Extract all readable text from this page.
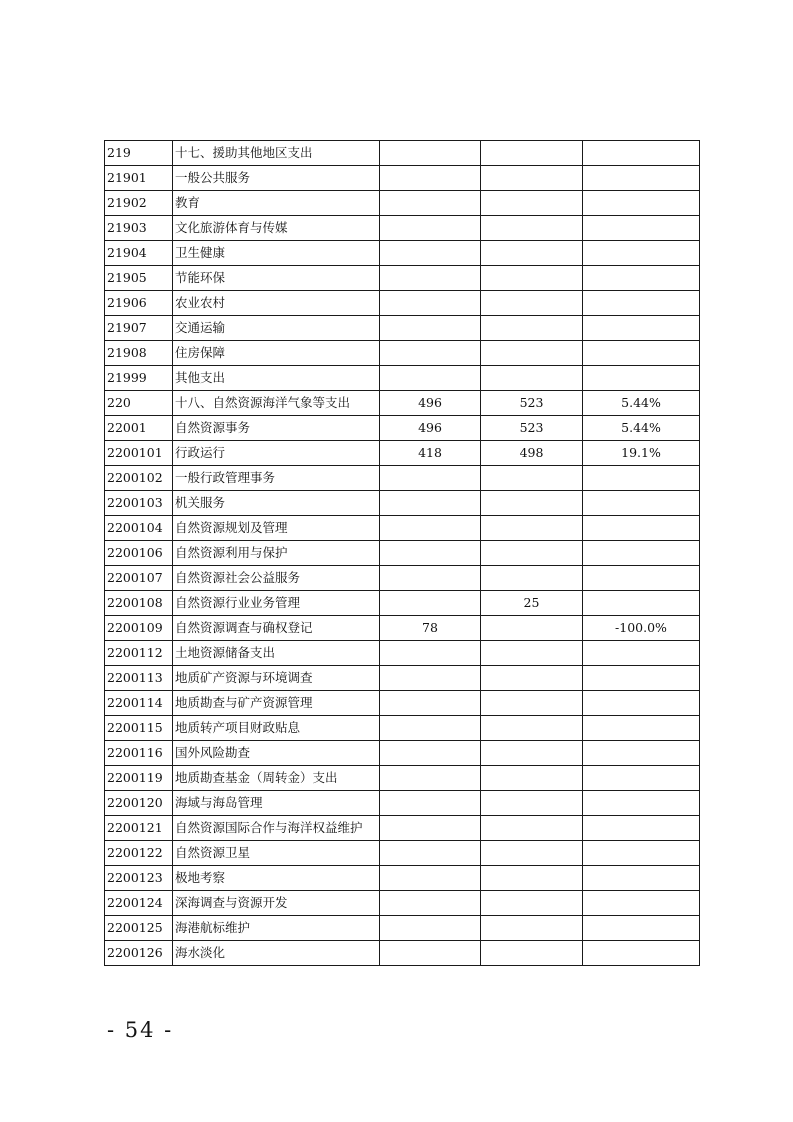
219	十七、援助其他地区支出			
21901	一般公共服务			
21902	教育			
21903	文化旅游体育与传媒			
21904	卫生健康			
21905	节能环保			
21906	农业农村			
21907	交通运输			
21908	住房保障			
21999	其他支出			
220	十八、自然资源海洋气象等支出	496	523	5.44%
22001	自然资源事务	496	523	5.44%
2200101	行政运行	418	498	19.1%
2200102	一般行政管理事务			
2200103	机关服务			
2200104	自然资源规划及管理			
2200106	自然资源利用与保护			
2200107	自然资源社会公益服务			
2200108	自然资源行业业务管理		25	
2200109	自然资源调查与确权登记	78		-100.0%
2200112	土地资源储备支出			
2200113	地质矿产资源与环境调查			
2200114	地质勘查与矿产资源管理			
2200115	地质转产项目财政贴息			
2200116	国外风险勘查			
2200119	地质勘查基金（周转金）支出			
2200120	海域与海岛管理			
2200121	自然资源国际合作与海洋权益维护			
2200122	自然资源卫星			
2200123	极地考察			
2200124	深海调查与资源开发			
2200125	海港航标维护			
2200126	海水淡化			
- 54 -
